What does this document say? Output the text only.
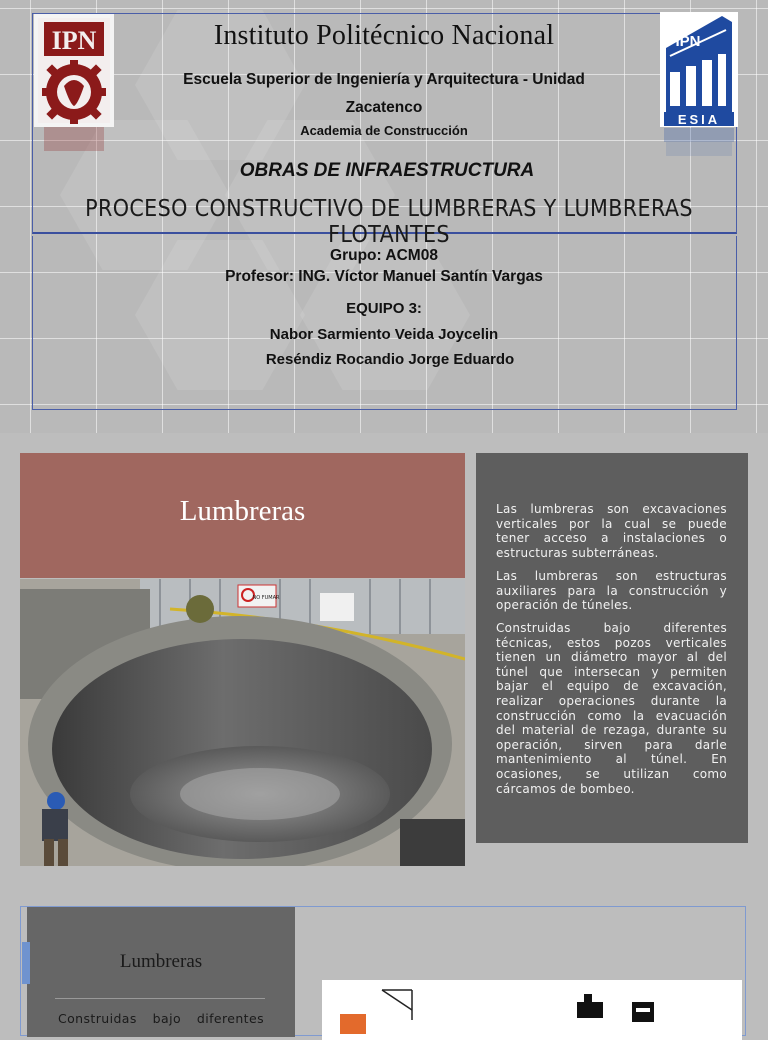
IPN	IPN
ESIA
Instituto Politécnico Nacional
Escuela Superior de Ingeniería y Arquitectura - Unidad Zacatenco
Academia de Construcción
OBRAS DE INFRAESTRUCTURA
PROCESO CONSTRUCTIVO DE LUMBRERAS Y LUMBRERAS FLOTANTES
Grupo: ACM08
Profesor: ING. Víctor Manuel Santín Vargas
EQUIPO 3:
Nabor Sarmiento Veida Joycelin
Reséndiz Rocandio Jorge Eduardo
Lumbreras
NO FUMAR

Las lumbreras son excavaciones verticales por la cual se puede tener acceso a instalaciones o estructuras subterráneas.

Las lumbreras son estructuras auxiliares para la construcción y operación de túneles.

Construidas bajo diferentes técnicas, estos pozos verticales tienen un diámetro mayor al del túnel que intersecan y permiten bajar el equipo de excavación, realizar operaciones durante la construcción como la evacuación del material de rezaga, durante su operación, sirven para darle mantenimiento al túnel. En ocasiones, se utilizan como cárcamos de bombeo.

Lumbreras
Construidas bajo diferentes
